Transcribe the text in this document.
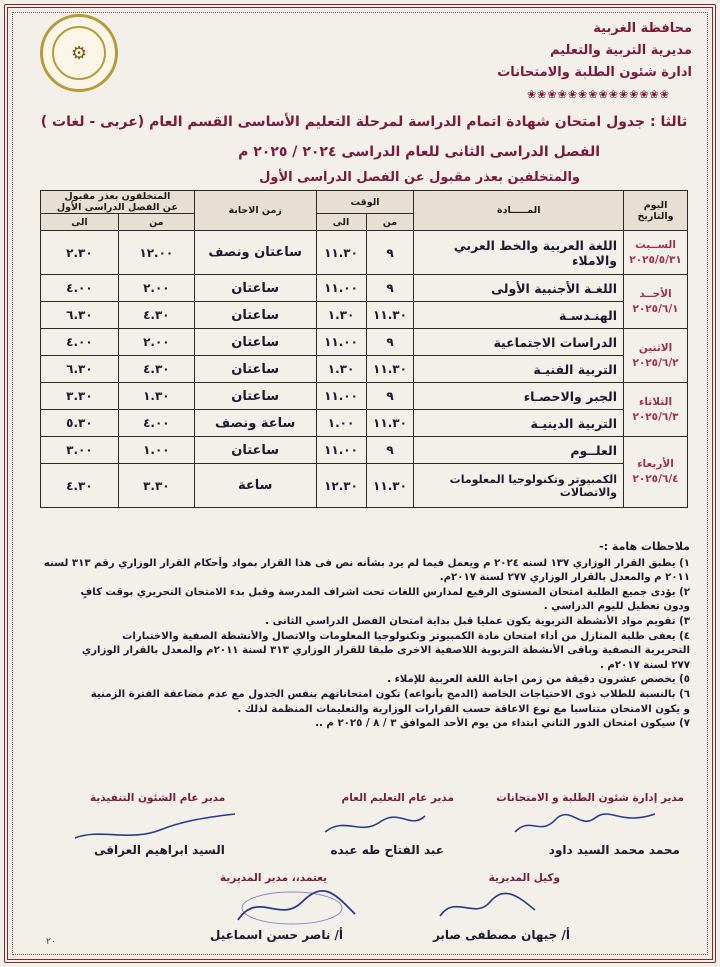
محافظة الغربية
مديرية التربية والتعليم
ادارة شئون الطلبة والامتحانات
❀❀❀❀❀❀❀❀❀❀❀❀❀❀
⚙
ثالثا : جدول امتحان شهادة اتمام الدراسة لمرحلة التعليم الأساسى القسم العام (عربى - لغات )
الفصل الدراسى الثانى للعام الدراسى ٢٠٢٤ / ٢٠٢٥ م
والمتخلفين بعذر مقبول عن الفصل الدراسى الأول
اليوم
والتاريخ	المـــــادة	الوقت		زمن الاجابة	المتخلفون بعذر مقبول
عن الفصل الدراسى الأول	
		من	الى		من	الى
الســبت
٢٠٢٥/٥/٣١	اللغة العربية والخط العربي
والاملاء	٩	١١.٣٠	ساعتان ونصف	١٢.٠٠	٢.٣٠
الأحــد
٢٠٢٥/٦/١	اللغـة الأجنبية الأولى	٩	١١.٠٠	ساعتان	٢.٠٠	٤.٠٠
	الهنـدسـة	١١.٣٠	١.٣٠	ساعتان	٤.٣٠	٦.٣٠
الاثنين
٢٠٢٥/٦/٢	الدراسات الاجتماعية	٩	١١.٠٠	ساعتان	٢.٠٠	٤.٠٠
	التربية الفنيـة	١١.٣٠	١.٣٠	ساعتان	٤.٣٠	٦.٣٠
الثلاثاء
٢٠٢٥/٦/٣	الجبر والاحصـاء	٩	١١.٠٠	ساعتان	١.٣٠	٣.٣٠
	التربية الدينيـة	١١.٣٠	١.٠٠	ساعة ونصف	٤.٠٠	٥.٣٠
الأربعاء
٢٠٢٥/٦/٤	العلــوم	٩	١١.٠٠	ساعتان	١.٠٠	٣.٠٠
	الكمبيوتر وتكنولوجيا المعلومات
والاتصالات	١١.٣٠	١٢.٣٠	ساعة	٣.٣٠	٤.٣٠
ملاحظات هامة :-
١) يطبق القرار الوزاري ١٣٧ لسنه ٢٠٢٤ م ويعمل فيما لم يرد بشأنه نص فى هذا القرار بمواد وأحكام القرار الوزاري رقم ٣١٣ لسنه
٢٠١١ م والمعدل بالقرار الوزاري ٢٧٧ لسنة ٢٠١٧م.
٢) يؤدى جميع الطلبة امتحان المستوى الرفيع لمدارس اللغات تحت اشراف المدرسة وقبل بدء الامتحان التحريري بوقت كافٍ
ودون تعطيل لليوم الدراسي .
٣) تقويم مواد الأنشطة التربوية يكون عمليا قبل بداية امتحان الفصل الدراسي الثانى .
٤) يعفى طلبة المنازل من أداء امتحان مادة الكمبيوتر وتكنولوجيا المعلومات والاتصال والأنشطة الصفية والاختبارات
التحريرية النصفية وباقى الأنشطة التربوية اللاصفية الاخرى طبقا للقرار الوزاري ٣١٣ لسنة ٢٠١١م والمعدل بالقرار الوزاري
٢٧٧ لسنة ٢٠١٧م .
٥) يخصص عشرون دقيقة من زمن اجابة اللغة العربية للإملاء .
٦) بالنسبة للطلاب ذوى الاحتياجات الخاصة (الدمج بأنواعه) تكون امتحاناتهم بنفس الجدول مع عدم مضاعفة الفترة الزمنية
و يكون الامتحان متناسبا مع نوع الاعاقة حسب القرارات الوزارية والتعليمات المنظمة لذلك .
٧) سيكون امتحان الدور الثاني ابتداء من يوم الأحد الموافق ٣ / ٨ / ٢٠٢٥ م ..
مدير إدارة شئون الطلبة و الامتحانات
محمد محمد السيد داود
مدير عام التعليم العام
عبد الفتاح طه عبده
مدير عام الشئون التنفيذية
السيد ابراهيم العراقى
وكيل المديرية
أ/ جيهان مصطفى صابر
يعتمد،، مدير المديرية
أ/ ناصر حسن اسماعيل
٢٠
